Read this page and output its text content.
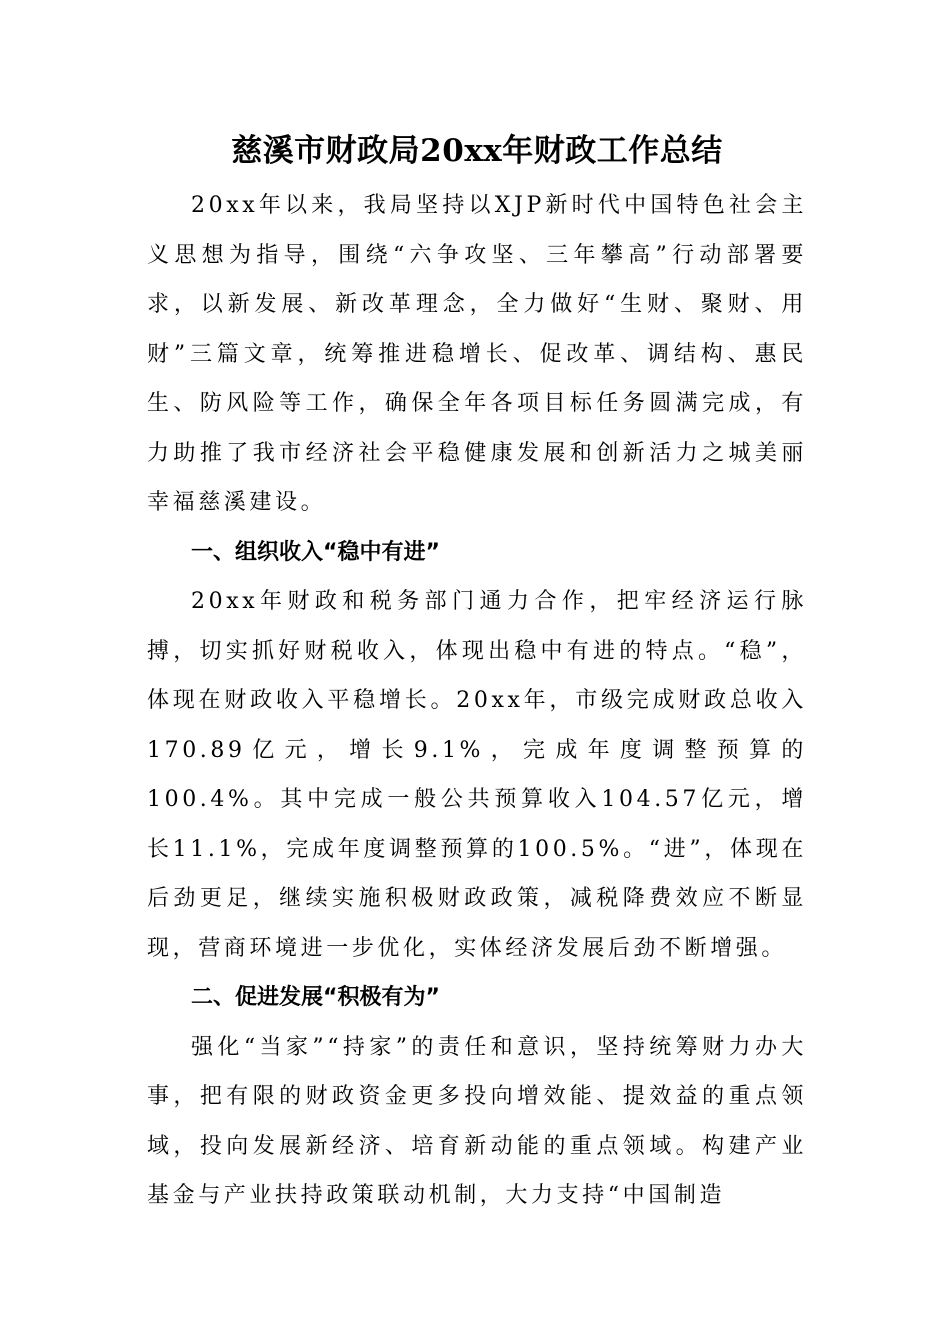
慈溪市财政局20xx年财政工作总结

20xx年以来，我局坚持以XJP新时代中国特色社会主义思想为指导，围绕“六争攻坚、三年攀高”行动部署要求，以新发展、新改革理念，全力做好“生财、聚财、用财”三篇文章，统筹推进稳增长、促改革、调结构、惠民生、防风险等工作，确保全年各项目标任务圆满完成，有力助推了我市经济社会平稳健康发展和创新活力之城美丽幸福慈溪建设。

一、组织收入“稳中有进”

20xx年财政和税务部门通力合作，把牢经济运行脉搏，切实抓好财税收入，体现出稳中有进的特点。“稳”，体现在财政收入平稳增长。20xx年，市级完成财政总收入170.89亿元，增长9.1%，完成年度调整预算的100.4%。其中完成一般公共预算收入104.57亿元，增长11.1%，完成年度调整预算的100.5%。“进”，体现在后劲更足，继续实施积极财政政策，减税降费效应不断显现，营商环境进一步优化，实体经济发展后劲不断增强。

二、促进发展“积极有为”

强化“当家”“持家”的责任和意识，坚持统筹财力办大事，把有限的财政资金更多投向增效能、提效益的重点领域，投向发展新经济、培育新动能的重点领域。构建产业基金与产业扶持政策联动机制，大力支持“中国制造
